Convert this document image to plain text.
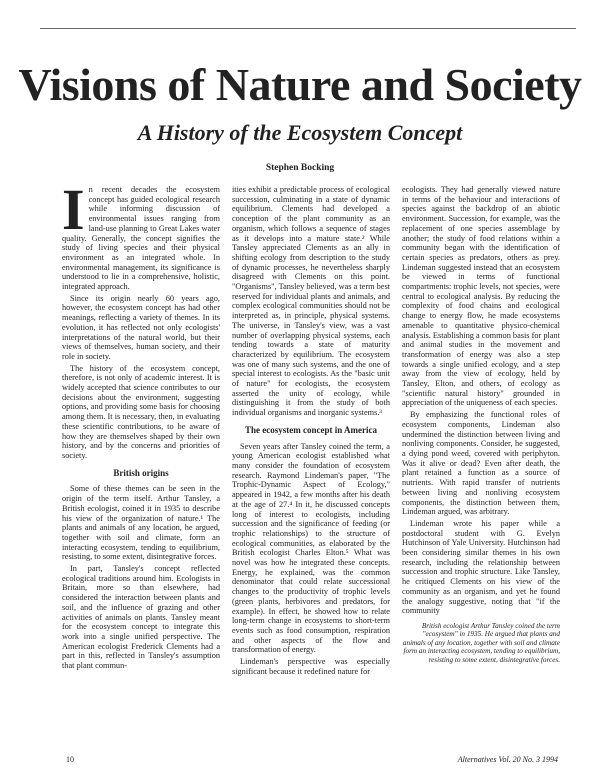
Visions of Nature and Society
A History of the Ecosystem Concept
Stephen Bocking

In recent decades the ecosystem concept has guided ecological research while informing discussion of environmental issues ranging from land-use planning to Great Lakes water quality. Generally, the concept signifies the study of living species and their physical environment as an integrated whole. In environmental management, its significance is understood to lie in a comprehensive, holistic, integrated approach.

Since its origin nearly 60 years ago, however, the ecosystem concept has had other meanings, reflecting a variety of themes. In its evolution, it has reflected not only ecologists' interpretations of the natural world, but their views of themselves, human society, and their role in society.

The history of the ecosystem concept, therefore, is not only of academic interest. It is widely accepted that science contributes to our decisions about the environment, suggesting options, and providing some basis for choosing among them. It is necessary, then, in evaluating these scientific contributions, to be aware of how they are themselves shaped by their own history, and by the concerns and priorities of society.

British origins

Some of these themes can be seen in the origin of the term itself. Arthur Tansley, a British ecologist, coined it in 1935 to describe his view of the organization of nature.¹ The plants and animals of any location, he argued, together with soil and climate, form an interacting ecosystem, tending to equilibrium, resisting, to some extent, disintegrative forces.

In part, Tansley's concept reflected ecological traditions around him. Ecologists in Britain, more so than elsewhere, had considered the interaction between plants and soil, and the influence of grazing and other activities of animals on plants. Tansley meant for the ecosystem concept to integrate this work into a single unified perspective. The American ecologist Frederick Clements had a part in this, reflected in Tansley's assumption that plant commun-

ities exhibit a predictable process of ecological succession, culminating in a state of dynamic equilibrium. Clements had developed a conception of the plant community as an organism, which follows a sequence of stages as it develops into a mature state.² While Tansley appreciated Clements as an ally in shifting ecology from description to the study of dynamic processes, he nevertheless sharply disagreed with Clements on this point. "Organisms", Tansley believed, was a term best reserved for individual plants and animals, and complex ecological communities should not be interpreted as, in principle, physical systems. The universe, in Tansley's view, was a vast number of overlapping physical systems, each tending towards a state of maturity characterized by equilibrium. The ecosystem was one of many such systems, and the one of special interest to ecologists. As the "basic unit of nature" for ecologists, the ecosystem asserted the unity of ecology, while distinguishing it from the study of both individual organisms and inorganic systems.³

The ecosystem concept in America

Seven years after Tansley coined the term, a young American ecologist established what many consider the foundation of ecosystem research. Raymond Lindeman's paper, "The Trophic-Dynamic Aspect of Ecology," appeared in 1942, a few months after his death at the age of 27.⁴ In it, he discussed concepts long of interest to ecologists, including succession and the significance of feeding (or trophic relationships) to the structure of ecological communities, as elaborated by the British ecologist Charles Elton.⁵ What was novel was how he integrated these concepts. Energy, he explained, was the common denominator that could relate successional changes to the productivity of trophic levels (green plants, herbivores and predators, for example). In effect, he showed how to relate long-term change in ecosystems to short-term events such as food consumption, respiration and other aspects of the flow and transformation of energy.

Lindeman's perspective was especially significant because it redefined nature for

ecologists. They had generally viewed nature in terms of the behaviour and interactions of species against the backdrop of an abiotic environment. Succession, for example, was the replacement of one species assemblage by another; the study of food relations within a community began with the identification of certain species as predators, others as prey. Lindeman suggested instead that an ecosystem be viewed in terms of functional compartments: trophic levels, not species, were central to ecological analysis. By reducing the complexity of food chains and ecological change to energy flow, he made ecosystems amenable to quantitative physico-chemical analysis. Establishing a common basis for plant and animal studies in the movement and transformation of energy was also a step towards a single unified ecology, and a step away from the view of ecology, held by Tansley, Elton, and others, of ecology as "scientific natural history" grounded in appreciation of the uniqueness of each species.

By emphasizing the functional roles of ecosystem components, Lindeman also undermined the distinction between living and nonliving components. Consider, he suggested, a dying pond weed, covered with periphyton. Was it alive or dead? Even after death, the plant retained a function as a source of nutrients. With rapid transfer of nutrients between living and nonliving ecosystem components, the distinction between them, Lindeman argued, was arbitrary.

Lindeman wrote his paper while a postdoctoral student with G. Evelyn Hutchinson of Yale University. Hutchinson had been considering similar themes in his own research, including the relationship between succession and trophic structure. Like Tansley, he critiqued Clements on his view of the community as an organism, and yet he found the analogy suggestive, noting that "if the community

British ecologist Arthur Tansley coined the term "ecosystem" in 1935. He argued that plants and animals of any location, together with soil and climate form an interacting ecosystem, tending to equilibrium, resisting to some extent, disintegrative forces.
10	Alternatives Vol. 20 No. 3 1994
